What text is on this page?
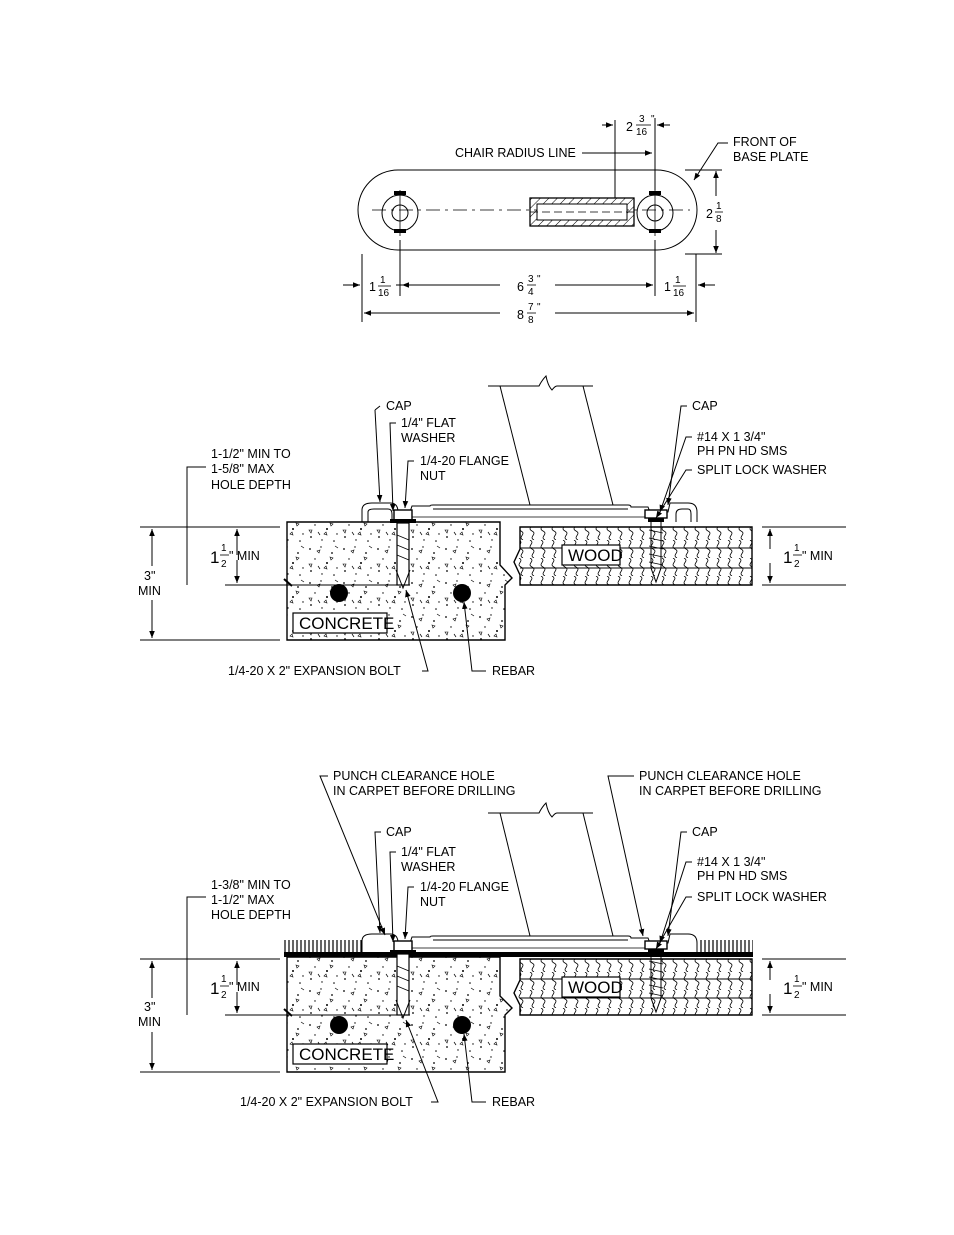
CHAIR RADIUS LINE
2
3
16
"
FRONT OF
BASE PLATE
2
1
8
1 1
16	6
3
4
"
1 1
16
8
7
8
"
CONCRETE
WOOD
CAP
1/4" FLAT
WASHER
1/4-20 FLANGE
NUT
1-1/2" MIN TO
1-5/8" MAX
HOLE DEPTH
1 1
2
" MIN
3"
MIN
1 1
2
" MIN
CAP
#14 X 1 3/4"
PH PN HD SMS
SPLIT LOCK WASHER
1/4-20 X 2" EXPANSION BOLT	REBAR
CONCRETE
WOOD
PUNCH CLEARANCE HOLE
IN CARPET BEFORE DRILLING
PUNCH CLEARANCE HOLE
IN CARPET BEFORE DRILLING
CAP
1/4" FLAT
WASHER
1/4-20 FLANGE
NUT
1-3/8" MIN TO
1-1/2" MAX
HOLE DEPTH
1 1
2
" MIN
3"
MIN
1 1
2
" MIN
CAP
#14 X 1 3/4"
PH PN HD SMS
SPLIT LOCK WASHER
1/4-20 X 2" EXPANSION BOLT	REBAR
